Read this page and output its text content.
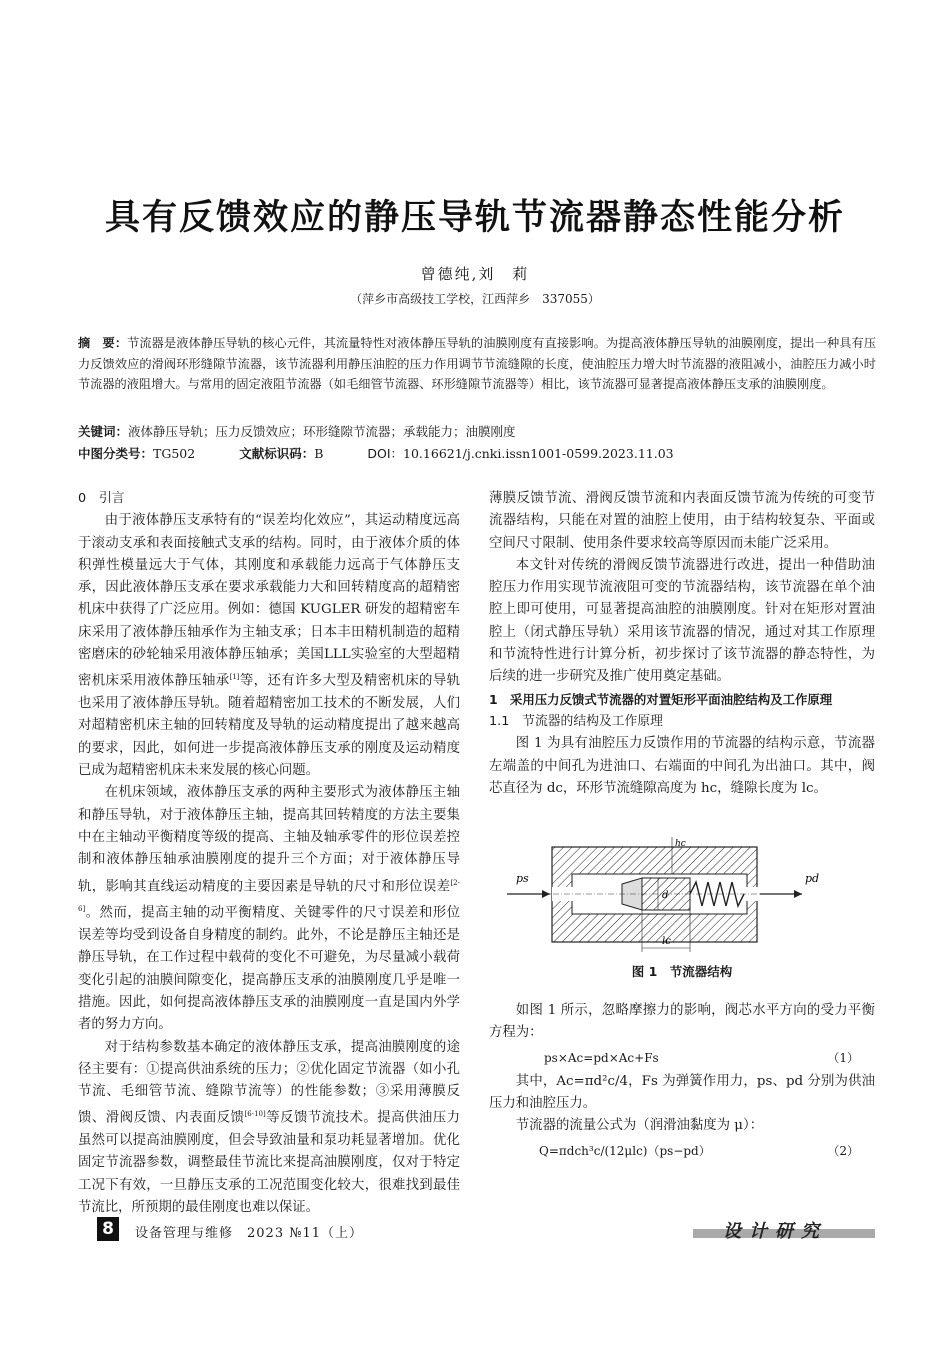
具有反馈效应的静压导轨节流器静态性能分析
曾德纯,刘　莉
（萍乡市高级技工学校，江西萍乡　337055）
摘　要：节流器是液体静压导轨的核心元件，其流量特性对液体静压导轨的油膜刚度有直接影响。为提高液体静压导轨的油膜刚度，提出一种具有压力反馈效应的滑阀环形缝隙节流器，该节流器利用静压油腔的压力作用调节节流缝隙的长度，使油腔压力增大时节流器的液阻减小，油腔压力减小时节流器的液阻增大。与常用的固定液阻节流器（如毛细管节流器、环形缝隙节流器等）相比，该节流器可显著提高液体静压支承的油膜刚度。
关键词：液体静压导轨；压力反馈效应；环形缝隙节流器；承载能力；油膜刚度
中图分类号：TG502	文献标识码：B	DOI：10.16621/j.cnki.issn1001-0599.2023.11.03

0　引言

由于液体静压支承特有的“误差均化效应”，其运动精度远高于滚动支承和表面接触式支承的结构。同时，由于液体介质的体积弹性模量远大于气体，其刚度和承载能力远高于气体静压支承，因此液体静压支承在要求承载能力大和回转精度高的超精密机床中获得了广泛应用。例如：德国 KUGLER 研发的超精密车床采用了液体静压轴承作为主轴支承；日本丰田精机制造的超精密磨床的砂轮轴采用液体静压轴承；美国LLL实验室的大型超精密机床采用液体静压轴承[1]等，还有许多大型及精密机床的导轨也采用了液体静压导轨。随着超精密加工技术的不断发展，人们对超精密机床主轴的回转精度及导轨的运动精度提出了越来越高的要求，因此，如何进一步提高液体静压支承的刚度及运动精度已成为超精密机床未来发展的核心问题。

在机床领域，液体静压支承的两种主要形式为液体静压主轴和静压导轨，对于液体静压主轴，提高其回转精度的方法主要集中在主轴动平衡精度等级的提高、主轴及轴承零件的形位误差控制和液体静压轴承油膜刚度的提升三个方面；对于液体静压导轨，影响其直线运动精度的主要因素是导轨的尺寸和形位误差[2-6]。然而，提高主轴的动平衡精度、关键零件的尺寸误差和形位误差等均受到设备自身精度的制约。此外，不论是静压主轴还是静压导轨，在工作过程中载荷的变化不可避免，为尽量减小载荷变化引起的油膜间隙变化，提高静压支承的油膜刚度几乎是唯一措施。因此，如何提高液体静压支承的油膜刚度一直是国内外学者的努力方向。

对于结构参数基本确定的液体静压支承，提高油膜刚度的途径主要有：①提高供油系统的压力；②优化固定节流器（如小孔节流、毛细管节流、缝隙节流等）的性能参数；③采用薄膜反馈、滑阀反馈、内表面反馈[6-10]等反馈节流技术。提高供油压力虽然可以提高油膜刚度，但会导致油量和泵功耗显著增加。优化固定节流器参数，调整最佳节流比来提高油膜刚度，仅对于特定工况下有效，一旦静压支承的工况范围变化较大，很难找到最佳节流比，所预期的最佳刚度也难以保证。

薄膜反馈节流、滑阀反馈节流和内表面反馈节流为传统的可变节流器结构，只能在对置的油腔上使用，由于结构较复杂、平面或空间尺寸限制、使用条件要求较高等原因而未能广泛采用。

本文针对传统的滑阀反馈节流器进行改进，提出一种借助油腔压力作用实现节流液阻可变的节流器结构，该节流器在单个油腔上即可使用，可显著提高油腔的油膜刚度。针对在矩形对置油腔上（闭式静压导轨）采用该节流器的情况，通过对其工作原理和节流特性进行计算分析，初步探讨了该节流器的静态特性，为后续的进一步研究及推广使用奠定基础。

1　采用压力反馈式节流器的对置矩形平面油腔结构及工作原理

1.1　节流器的结构及工作原理

图 1 为具有油腔压力反馈作用的节流器的结构示意，节流器左端盖的中间孔为进油口、右端面的中间孔为出油口。其中，阀芯直径为 dc，环形节流缝隙高度为 hc，缝隙长度为 lc。

ps	pd
d
hc
lc
图 1　节流器结构

如图 1 所示，忽略摩擦力的影响，阀芯水平方向的受力平衡方程为：

ps×Ac=pd×Ac+Fs	（1）

其中，Ac=πd²c/4，Fs 为弹簧作用力，ps、pd 分别为供油压力和油腔压力。

节流器的流量公式为（润滑油黏度为 μ）：

Q=πdch³c/(12μlc)（ps−pd）	（2）
8	设备管理与维修　2023 №11（上）	设计研究
